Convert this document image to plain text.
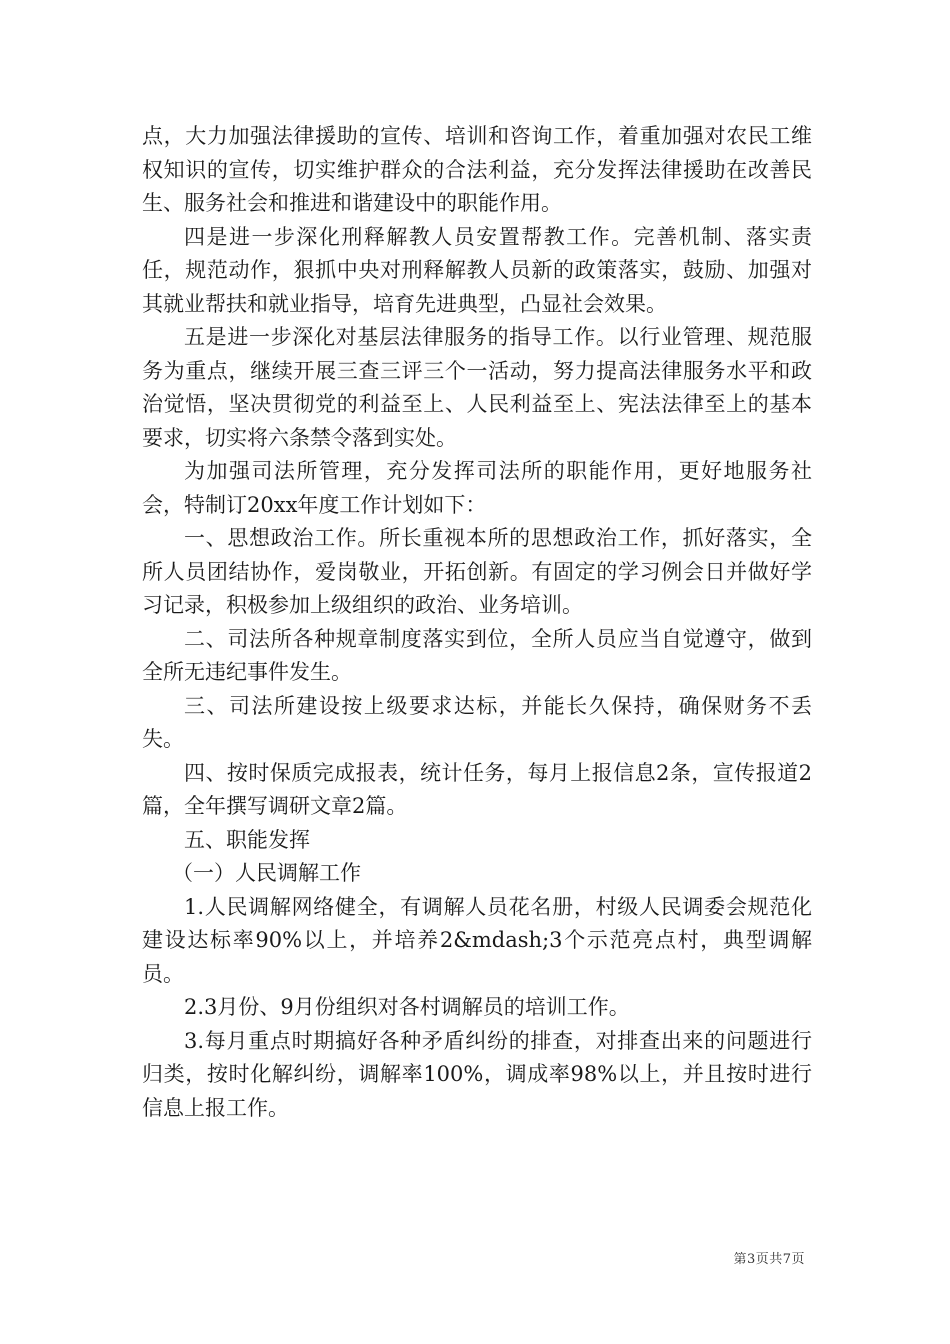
点，大力加强法律援助的宣传、培训和咨询工作，着重加强对农民工维权知识的宣传，切实维护群众的合法利益，充分发挥法律援助在改善民生、服务社会和推进和谐建设中的职能作用。

四是进一步深化刑释解教人员安置帮教工作。完善机制、落实责任，规范动作，狠抓中央对刑释解教人员新的政策落实，鼓励、加强对其就业帮扶和就业指导，培育先进典型，凸显社会效果。

五是进一步深化对基层法律服务的指导工作。以行业管理、规范服务为重点，继续开展三查三评三个一活动，努力提高法律服务水平和政治觉悟，坚决贯彻党的利益至上、人民利益至上、宪法法律至上的基本要求，切实将六条禁令落到实处。

为加强司法所管理，充分发挥司法所的职能作用，更好地服务社会，特制订20xx年度工作计划如下：

一、思想政治工作。所长重视本所的思想政治工作，抓好落实，全所人员团结协作，爱岗敬业，开拓创新。有固定的学习例会日并做好学习记录，积极参加上级组织的政治、业务培训。

二、司法所各种规章制度落实到位，全所人员应当自觉遵守，做到全所无违纪事件发生。

三、司法所建设按上级要求达标，并能长久保持，确保财务不丢失。

四、按时保质完成报表，统计任务，每月上报信息2条，宣传报道2篇，全年撰写调研文章2篇。

五、职能发挥

（一）人民调解工作

1.人民调解网络健全，有调解人员花名册，村级人民调委会规范化建设达标率90%以上，并培养2&mdash;3个示范亮点村，典型调解员。

2.3月份、9月份组织对各村调解员的培训工作。

3.每月重点时期搞好各种矛盾纠纷的排查，对排查出来的问题进行归类，按时化解纠纷，调解率100%，调成率98%以上，并且按时进行信息上报工作。

第3页共7页
